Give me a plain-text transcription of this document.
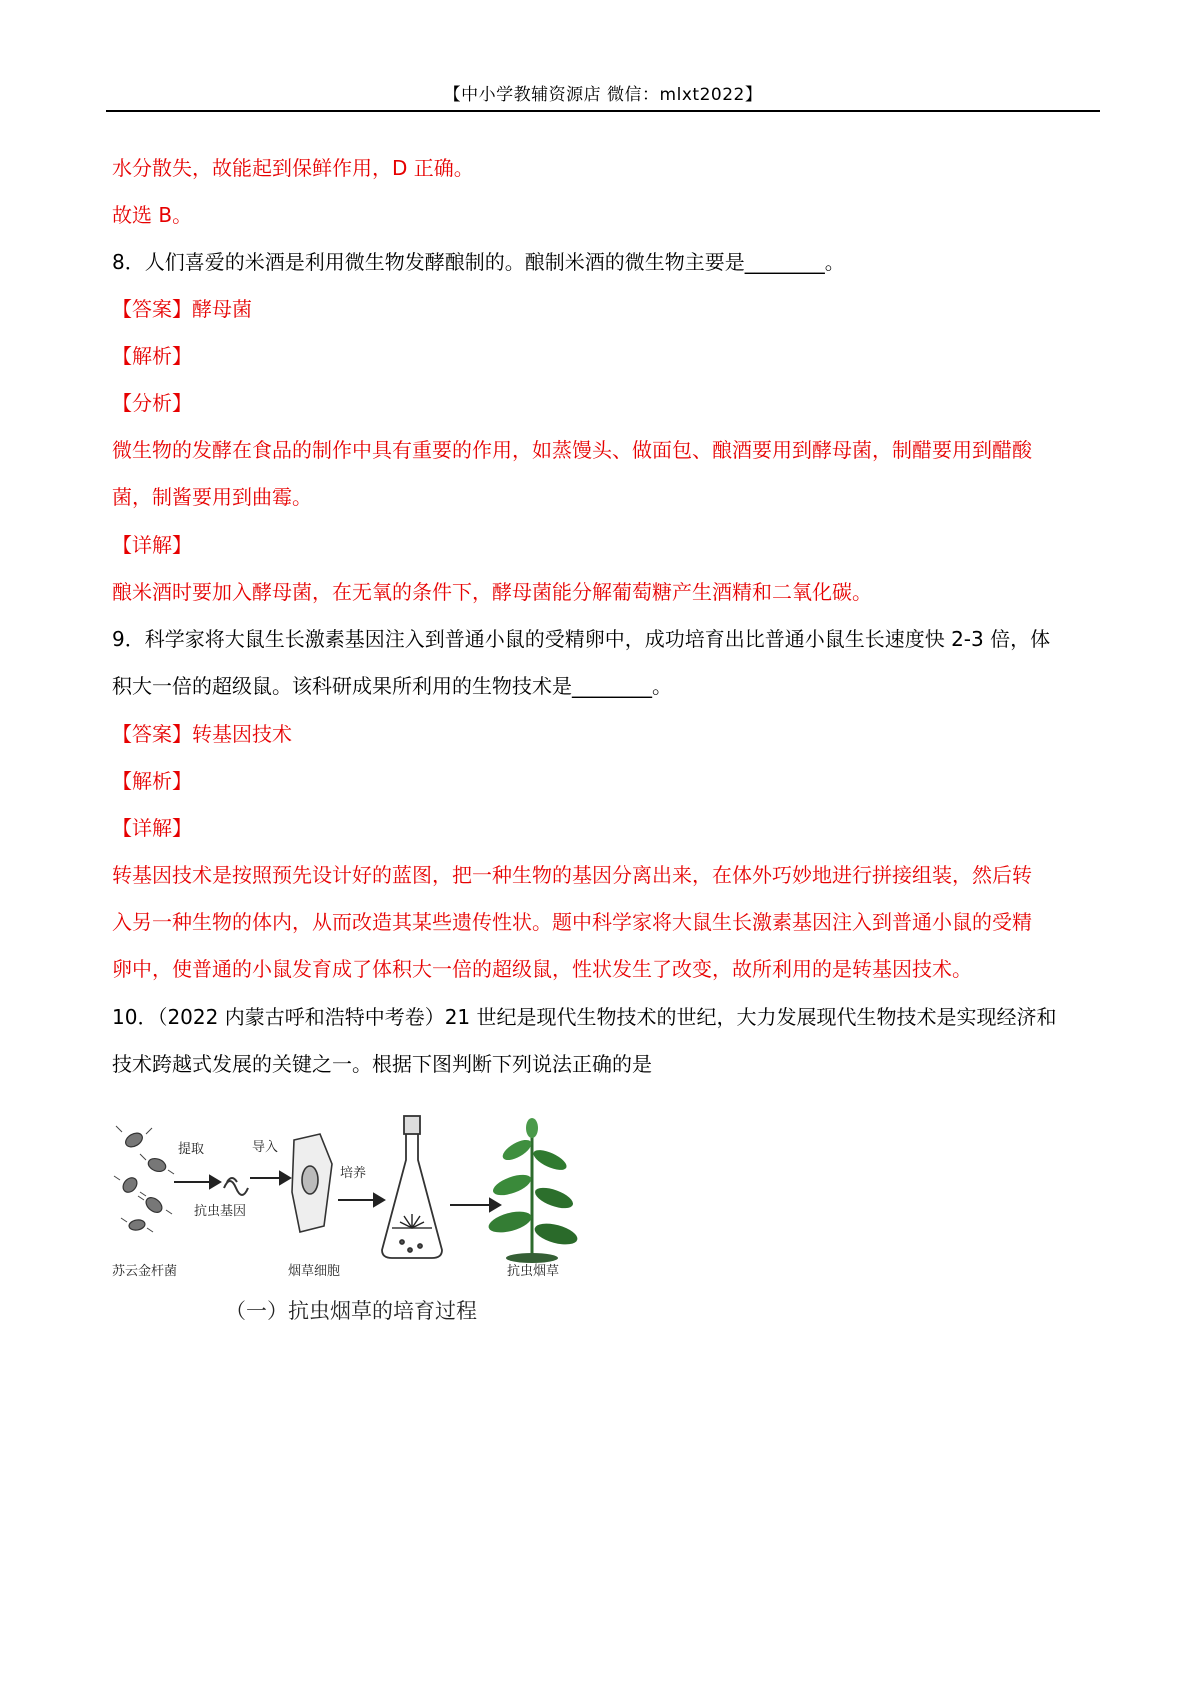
【中小学教辅资源店 微信：mlxt2022】
水分散失，故能起到保鲜作用，D 正确。
故选 B。
8．人们喜爱的米酒是利用微生物发酵酿制的。酿制米酒的微生物主要是________。
【答案】酵母菌
【解析】
【分析】
微生物的发酵在食品的制作中具有重要的作用，如蒸馒头、做面包、酿酒要用到酵母菌，制醋要用到醋酸
菌，制酱要用到曲霉。
【详解】
酿米酒时要加入酵母菌，在无氧的条件下，酵母菌能分解葡萄糖产生酒精和二氧化碳。
9．科学家将大鼠生长激素基因注入到普通小鼠的受精卵中，成功培育出比普通小鼠生长速度快 2-3 倍，体
积大一倍的超级鼠。该科研成果所利用的生物技术是________。
【答案】转基因技术
【解析】
【详解】
转基因技术是按照预先设计好的蓝图，把一种生物的基因分离出来，在体外巧妙地进行拼接组装，然后转
入另一种生物的体内，从而改造其某些遗传性状。题中科学家将大鼠生长激素基因注入到普通小鼠的受精
卵中，使普通的小鼠发育成了体积大一倍的超级鼠，性状发生了改变，故所利用的是转基因技术。
10．（2022 内蒙古呼和浩特中考卷）21 世纪是现代生物技术的世纪，大力发展现代生物技术是实现经济和
技术跨越式发展的关键之一。根据下图判断下列说法正确的是
提取	导入
培养
抗虫基因
苏云金杆菌	烟草细胞	抗虫烟草
（一）抗虫烟草的培育过程
